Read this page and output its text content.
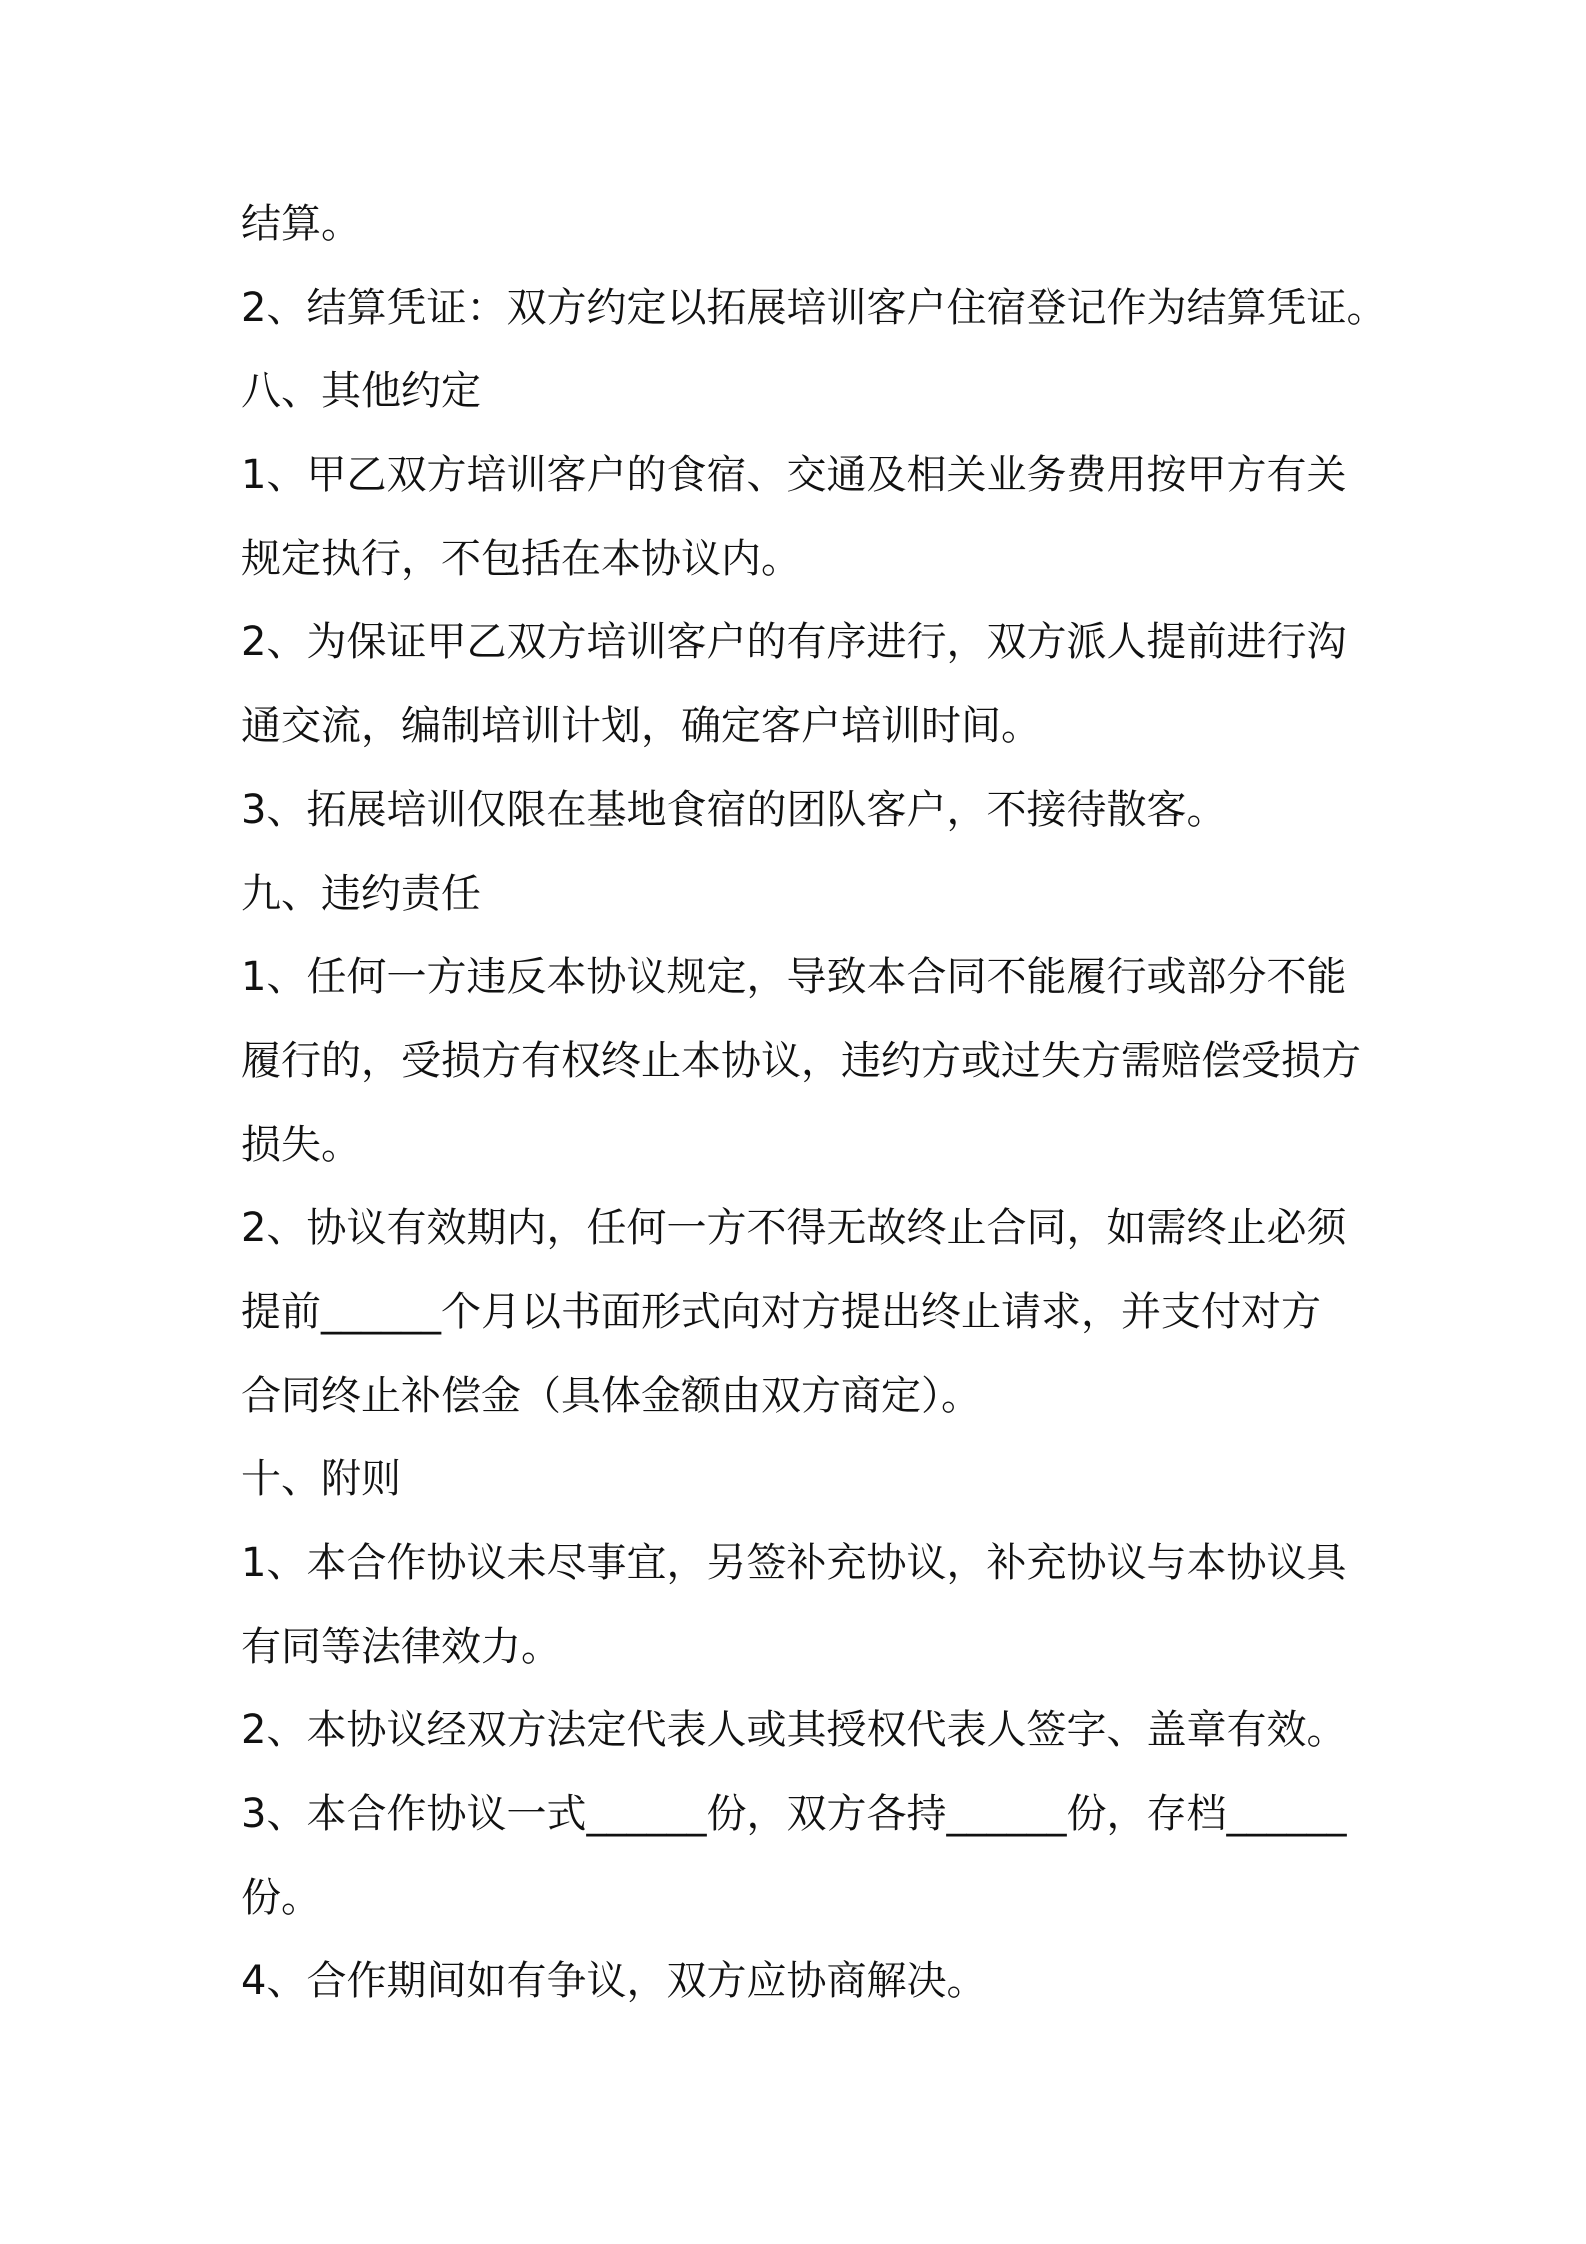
结算。
2、结算凭证：双方约定以拓展培训客户住宿登记作为结算凭证。
八、其他约定
1、甲乙双方培训客户的食宿、交通及相关业务费用按甲方有关
规定执行，不包括在本协议内。
2、为保证甲乙双方培训客户的有序进行，双方派人提前进行沟
通交流，编制培训计划，确定客户培训时间。
3、拓展培训仅限在基地食宿的团队客户，不接待散客。
九、违约责任
1、任何一方违反本协议规定，导致本合同不能履行或部分不能
履行的，受损方有权终止本协议，违约方或过失方需赔偿受损方
损失。
2、协议有效期内，任何一方不得无故终止合同，如需终止必须
提前______个月以书面形式向对方提出终止请求，并支付对方
合同终止补偿金（具体金额由双方商定）。
十、附则
1、本合作协议未尽事宜，另签补充协议，补充协议与本协议具
有同等法律效力。
2、本协议经双方法定代表人或其授权代表人签字、盖章有效。
3、本合作协议一式______份，双方各持______份，存档______
份。
4、合作期间如有争议，双方应协商解决。
